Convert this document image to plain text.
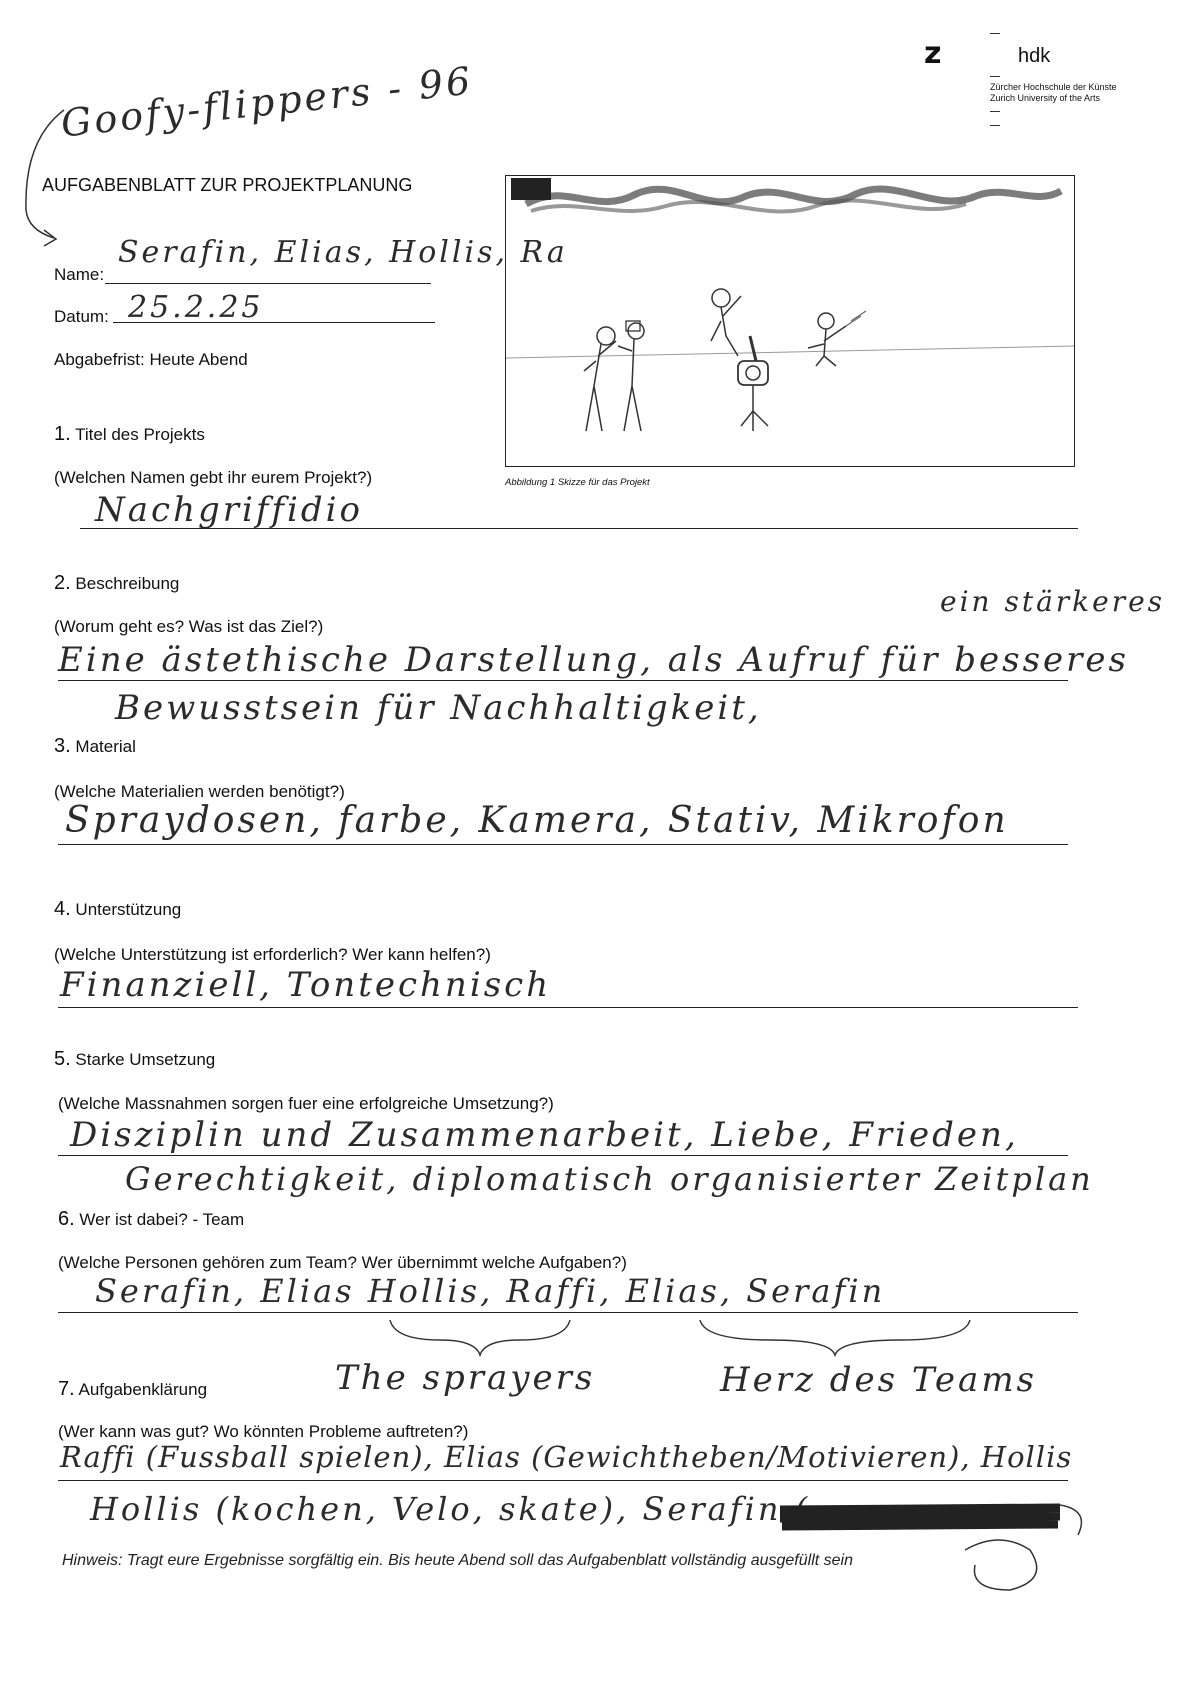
z	hdk
Zürcher Hochschule der Künste
Zurich University of the Arts
Goofy-flippers - 96
AUFGABENBLATT ZUR PROJEKTPLANUNG
Name:
Serafin, Elias, Hollis, Ra
Datum: 25.2.25
Abgabefrist: Heute Abend
Abbildung 1 Skizze für das Projekt
1. Titel des Projekts
(Welchen Namen gebt ihr eurem Projekt?)
Nachgriffidio
2. Beschreibung
(Worum geht es? Was ist das Ziel?)
ein stärkeres
Eine ästethische Darstellung, als Aufruf für besseres
Bewusstsein für Nachhaltigkeit,
3. Material
(Welche Materialien werden benötigt?)
Spraydosen, farbe, Kamera, Stativ, Mikrofon
4. Unterstützung
(Welche Unterstützung ist erforderlich? Wer kann helfen?)
Finanziell, Tontechnisch
5. Starke Umsetzung
(Welche Massnahmen sorgen fuer eine erfolgreiche Umsetzung?)
Disziplin und Zusammenarbeit, Liebe, Frieden,
Gerechtigkeit, diplomatisch organisierter Zeitplan
6. Wer ist dabei? - Team
(Welche Personen gehören zum Team? Wer übernimmt welche Aufgaben?)
Serafin, Elias Hollis, Raffi, Elias, Serafin
7. Aufgabenklärung	The sprayers	Herz des Teams
(Wer kann was gut? Wo könnten Probleme auftreten?)
Raffi (Fussball spielen), Elias (Gewichtheben/Motivieren), Hollis
Hollis (kochen, Velo, skate), Serafin (
Hinweis: Tragt eure Ergebnisse sorgfältig ein. Bis heute Abend soll das Aufgabenblatt vollständig ausgefüllt sein
